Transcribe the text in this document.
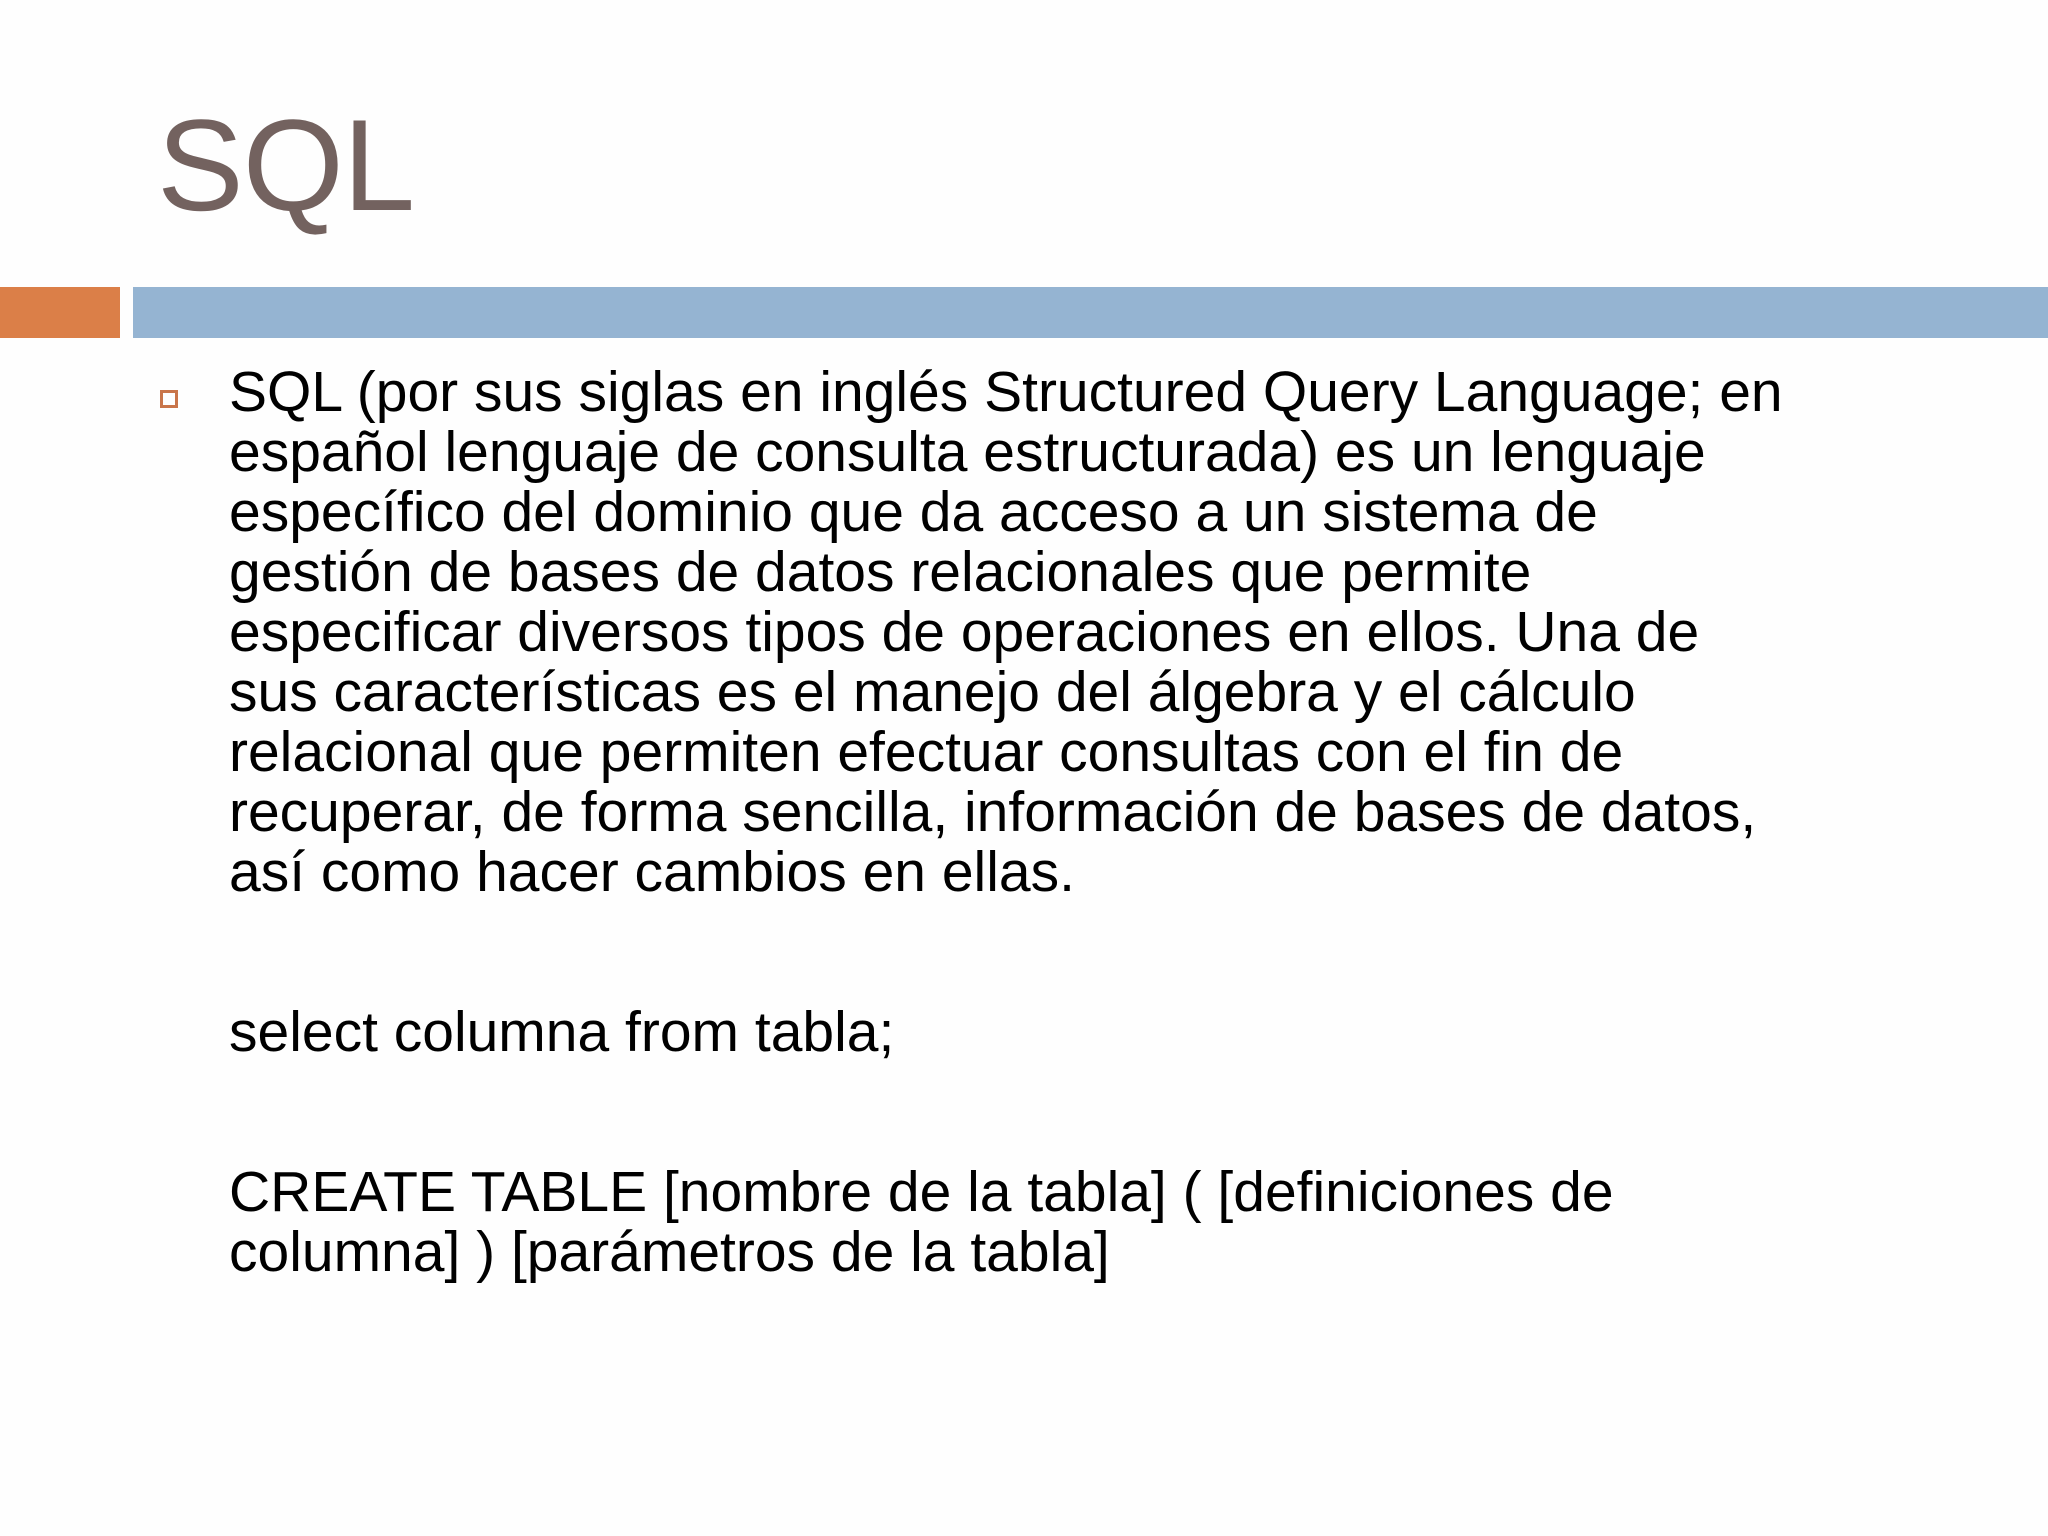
SQL

SQL (por sus siglas en inglés Structured Query Language; en
español lenguaje de consulta estructurada) es un lenguaje
específico del dominio que da acceso a un sistema de
gestión de bases de datos relacionales que permite
especificar diversos tipos de operaciones en ellos. Una de
sus características es el manejo del álgebra y el cálculo
relacional que permiten efectuar consultas con el fin de
recuperar, de forma sencilla, información de bases de datos,
así como hacer cambios en ellas.

select columna from tabla;

CREATE TABLE [nombre de la tabla] ( [definiciones de
columna] ) [parámetros de la tabla]
